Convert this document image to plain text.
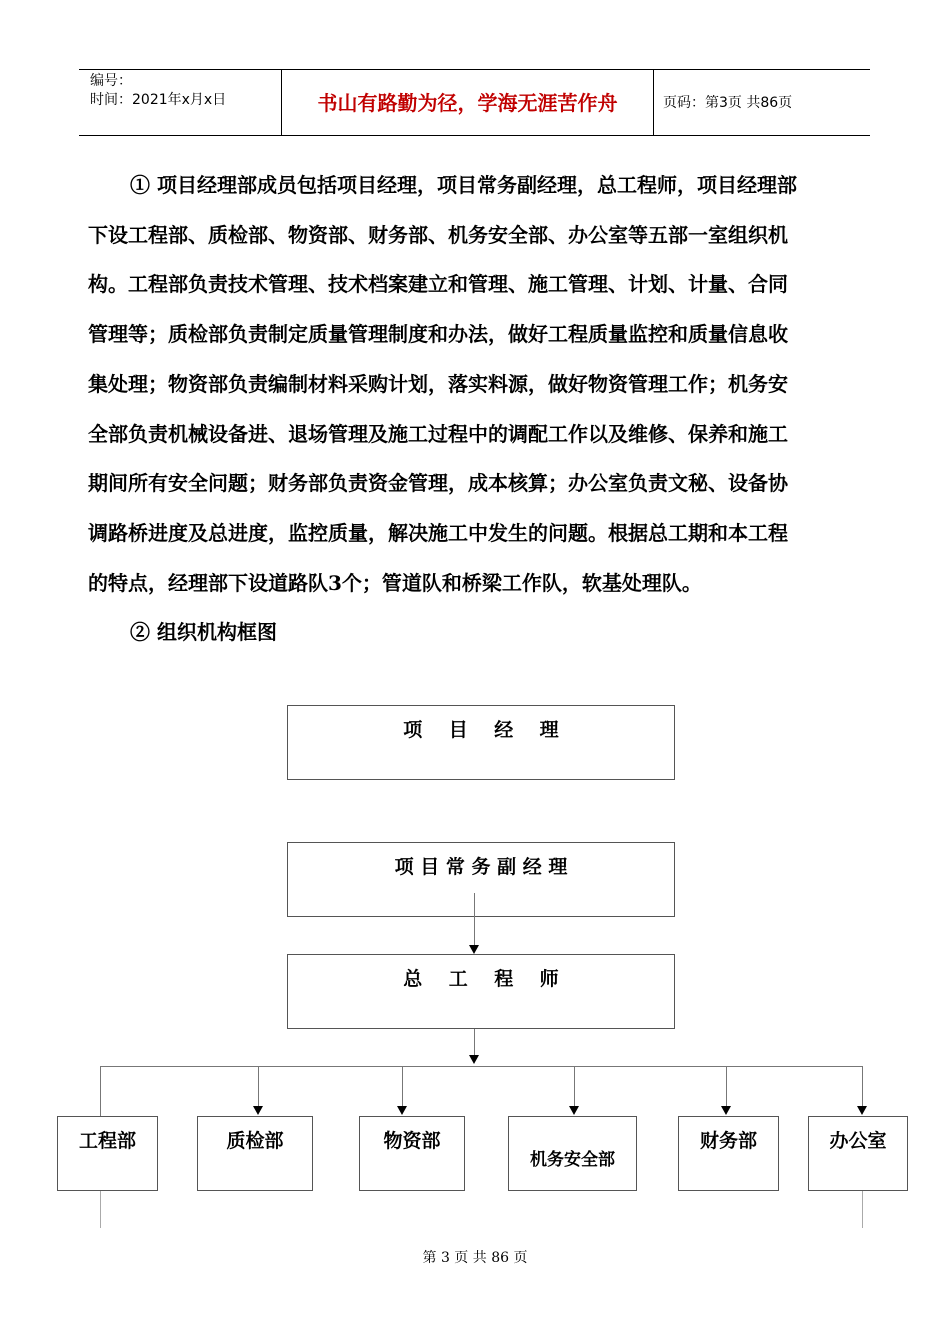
编号：
时间：2021年x月x日	书山有路勤为径，学海无涯苦作舟	页码：第3页 共86页
① 项目经理部成员包括项目经理，项目常务副经理，总工程师，项目经理部
下设工程部、质检部、物资部、财务部、机务安全部、办公室等五部一室组织机
构。工程部负责技术管理、技术档案建立和管理、施工管理、计划、计量、合同
管理等；质检部负责制定质量管理制度和办法，做好工程质量监控和质量信息收
集处理；物资部负责编制材料采购计划，落实料源，做好物资管理工作；机务安
全部负责机械设备进、退场管理及施工过程中的调配工作以及维修、保养和施工
期间所有安全问题；财务部负责资金管理，成本核算；办公室负责文秘、设备协
调路桥进度及总进度，监控质量，解决施工中发生的问题。根据总工期和本工程
的特点，经理部下设道路队3个；管道队和桥梁工作队，软基处理队。
② 组织机构框图
项    目    经    理
项 目 常 务 副 经 理
总    工    程    师
工程部	质检部	物资部
机务安全部
财务部	办公室
第 3 页 共 86 页
